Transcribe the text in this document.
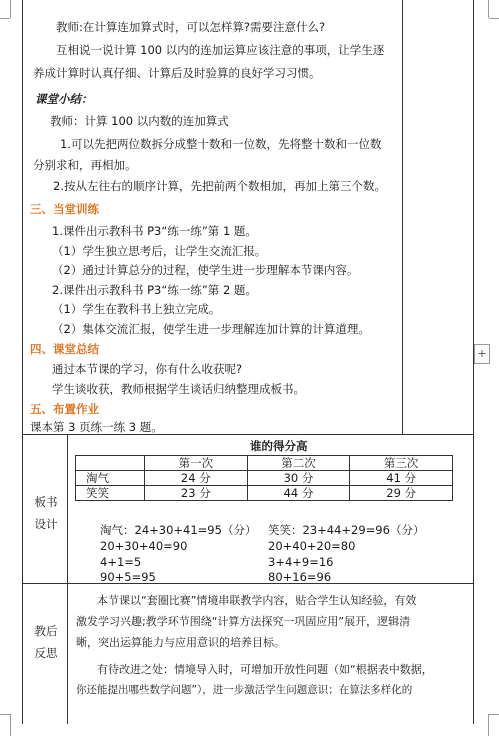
教师:在计算连加算式时，可以怎样算?需要注意什么?
互相说一说计算 100 以内的连加运算应该注意的事项，让学生逐
养成计算时认真仔细、计算后及时验算的良好学习习惯。
课堂小结：
教师：计算 100 以内数的连加算式
1.可以先把两位数拆分成整十数和一位数，先将整十数和一位数
分别求和，再相加。
2.按从左往右的顺序计算，先把前两个数相加，再加上第三个数。
三、当堂训练
1.课件出示教科书 P3“练一练”第 1 题。
（1）学生独立思考后，让学生交流汇报。
（2）通过计算总分的过程，使学生进一步理解本节课内容。
2.课件出示教科书 P3“练一练”第 2 题。
（1）学生在教科书上独立完成。
（2）集体交流汇报，使学生进一步理解连加计算的计算道理。
四、课堂总结
通过本节课的学习，你有什么收获呢?
学生谈收获，教师根据学生谈话归纳整理成板书。
五、布置作业
课本第 3 页练一练 3 题。
板书
设计
谁的得分高
	第一次	第二次	第三次
淘气	24 分	30 分	41 分
笑笑	23 分	44 分	29 分
淘气：24+30+41=95（分）
20+30+40=90
4+1=5
90+5=95
笑笑：23+44+29=96（分）
20+40+20=80
3+4+9=16
80+16=96
教后
反思
本节课以“套圈比赛”情境串联教学内容，贴合学生认知经验，有效
激发学习兴趣;教学环节围绕“计算方法探究一巩固应用”展开，逻辑清
晰，突出运算能力与应用意识的培养目标。
有待改进之处：情境导入时，可增加开放性问题（如“根据表中数据，
你还能提出哪些数学问题”），进一步激活学生问题意识；在算法多样化的
+
